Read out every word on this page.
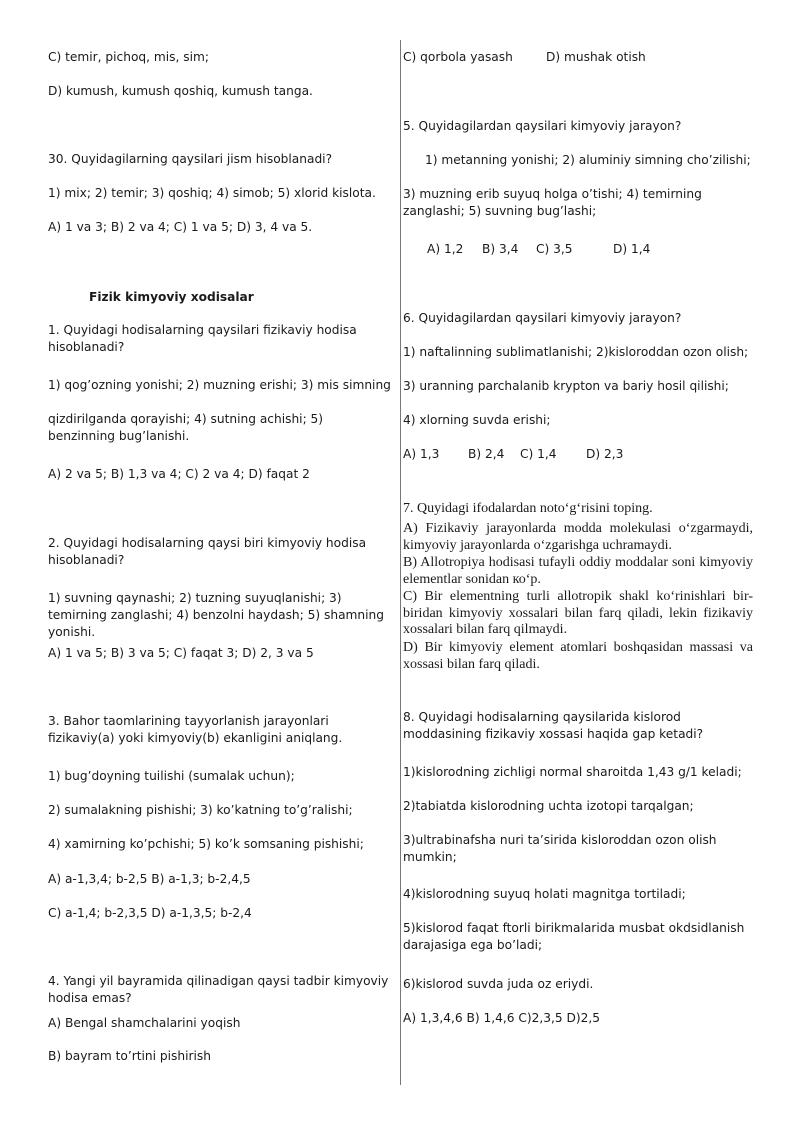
C) temir, pichoq, mis, sim;
D) kumush, kumush qoshiq, kumush tanga.
30. Quyidagilarning qaysilari jism hisoblanadi?
1) mix; 2) temir; 3) qoshiq; 4) simob; 5) xlorid kislota.
A) 1 va 3; B) 2 va 4; C) 1 va 5; D) 3, 4 va 5.
Fizik kimyoviy xodisalar
1. Quyidagi hodisalarning qaysilari fizikaviy hodisa hisoblanadi?
1) qog’ozning yonishi; 2) muzning erishi; 3) mis simning
qizdirilganda qorayishi; 4) sutning achishi; 5) benzinning bug’lanishi.
A) 2 va 5; B) 1,3 va 4; C) 2 va 4; D) faqat 2
2. Quyidagi hodisalarning qaysi biri kimyoviy hodisa hisoblanadi?
1) suvning qaynashi; 2) tuzning suyuqlanishi; 3) temirning zanglashi; 4) benzolni haydash; 5) shamning yonishi.
A) 1 va 5; B) 3 va 5; C) faqat 3; D) 2, 3 va 5
3. Bahor taomlarining tayyorlanish jarayonlari fizikaviy(a) yoki kimyoviy(b) ekanligini aniqlang.
1) bug’doyning tuilishi (sumalak uchun);
2) sumalakning pishishi; 3) ko’katning to’g’ralishi;
4) xamirning ko’pchishi; 5) ko’k somsaning pishishi;
A) a-1,3,4; b-2,5 B) a-1,3; b-2,4,5
C) a-1,4; b-2,3,5 D) a-1,3,5; b-2,4
4. Yangi yil bayramida qilinadigan qaysi tadbir kimyoviy hodisa emas?
A) Bengal shamchalarini yoqish
B) bayram to’rtini pishirish
C) qorbola yasash	D) mushak otish
5. Quyidagilardan qaysilari kimyoviy jarayon?
1) metanning yonishi; 2) aluminiy simning cho’zilishi;
3) muzning erib suyuq holga o’tishi; 4) temirning zanglashi; 5) suvning bug’lashi;
A) 1,2 B) 3,4 C) 3,5	D) 1,4
6. Quyidagilardan qaysilari kimyoviy jarayon?
1) naftalinning sublimatlanishi; 2)kisloroddan ozon olish;
3) uranning parchalanib krypton va bariy hosil qilishi;
4) xlorning suvda erishi;
A) 1,3 B) 2,4 C) 1,4 D) 2,3
7. Quyidagi ifodalardan noto‘g‘risini toping.
A) Fizikaviy jarayonlarda modda molekulasi o‘zgarmaydi, kimyoviy jarayonlarda o‘zgarishga uchramaydi.
B) Allotropiya hodisasi tufayli oddiy moddalar soni kimyoviy elementlar sonidan ко‘p.
C) Bir elementning turli allotropik shakl ko‘rinishlari bir-biridan kimyoviy xossalari bilan farq qiladi, lekin fizikaviy xossalari bilan farq qilmaydi.
D) Bir kimyoviy element atomlari boshqasidan massasi va xossasi bilan farq qiladi.
8. Quyidagi hodisalarning qaysilarida kislorod moddasining fizikaviy xossasi haqida gap ketadi?
1)kislorodning zichligi normal sharoitda 1,43 g/1 keladi;
2)tabiatda kislorodning uchta izotopi tarqalgan;
3)ultrabinafsha nuri ta’sirida kisloroddan ozon olish mumkin;
4)kislorodning suyuq holati magnitga tortiladi;
5)kislorod faqat ftorli birikmalarida musbat okdsidlanish darajasiga ega bo’ladi;
6)kislorod suvda juda oz eriydi.
A) 1,3,4,6 B) 1,4,6 C)2,3,5 D)2,5
